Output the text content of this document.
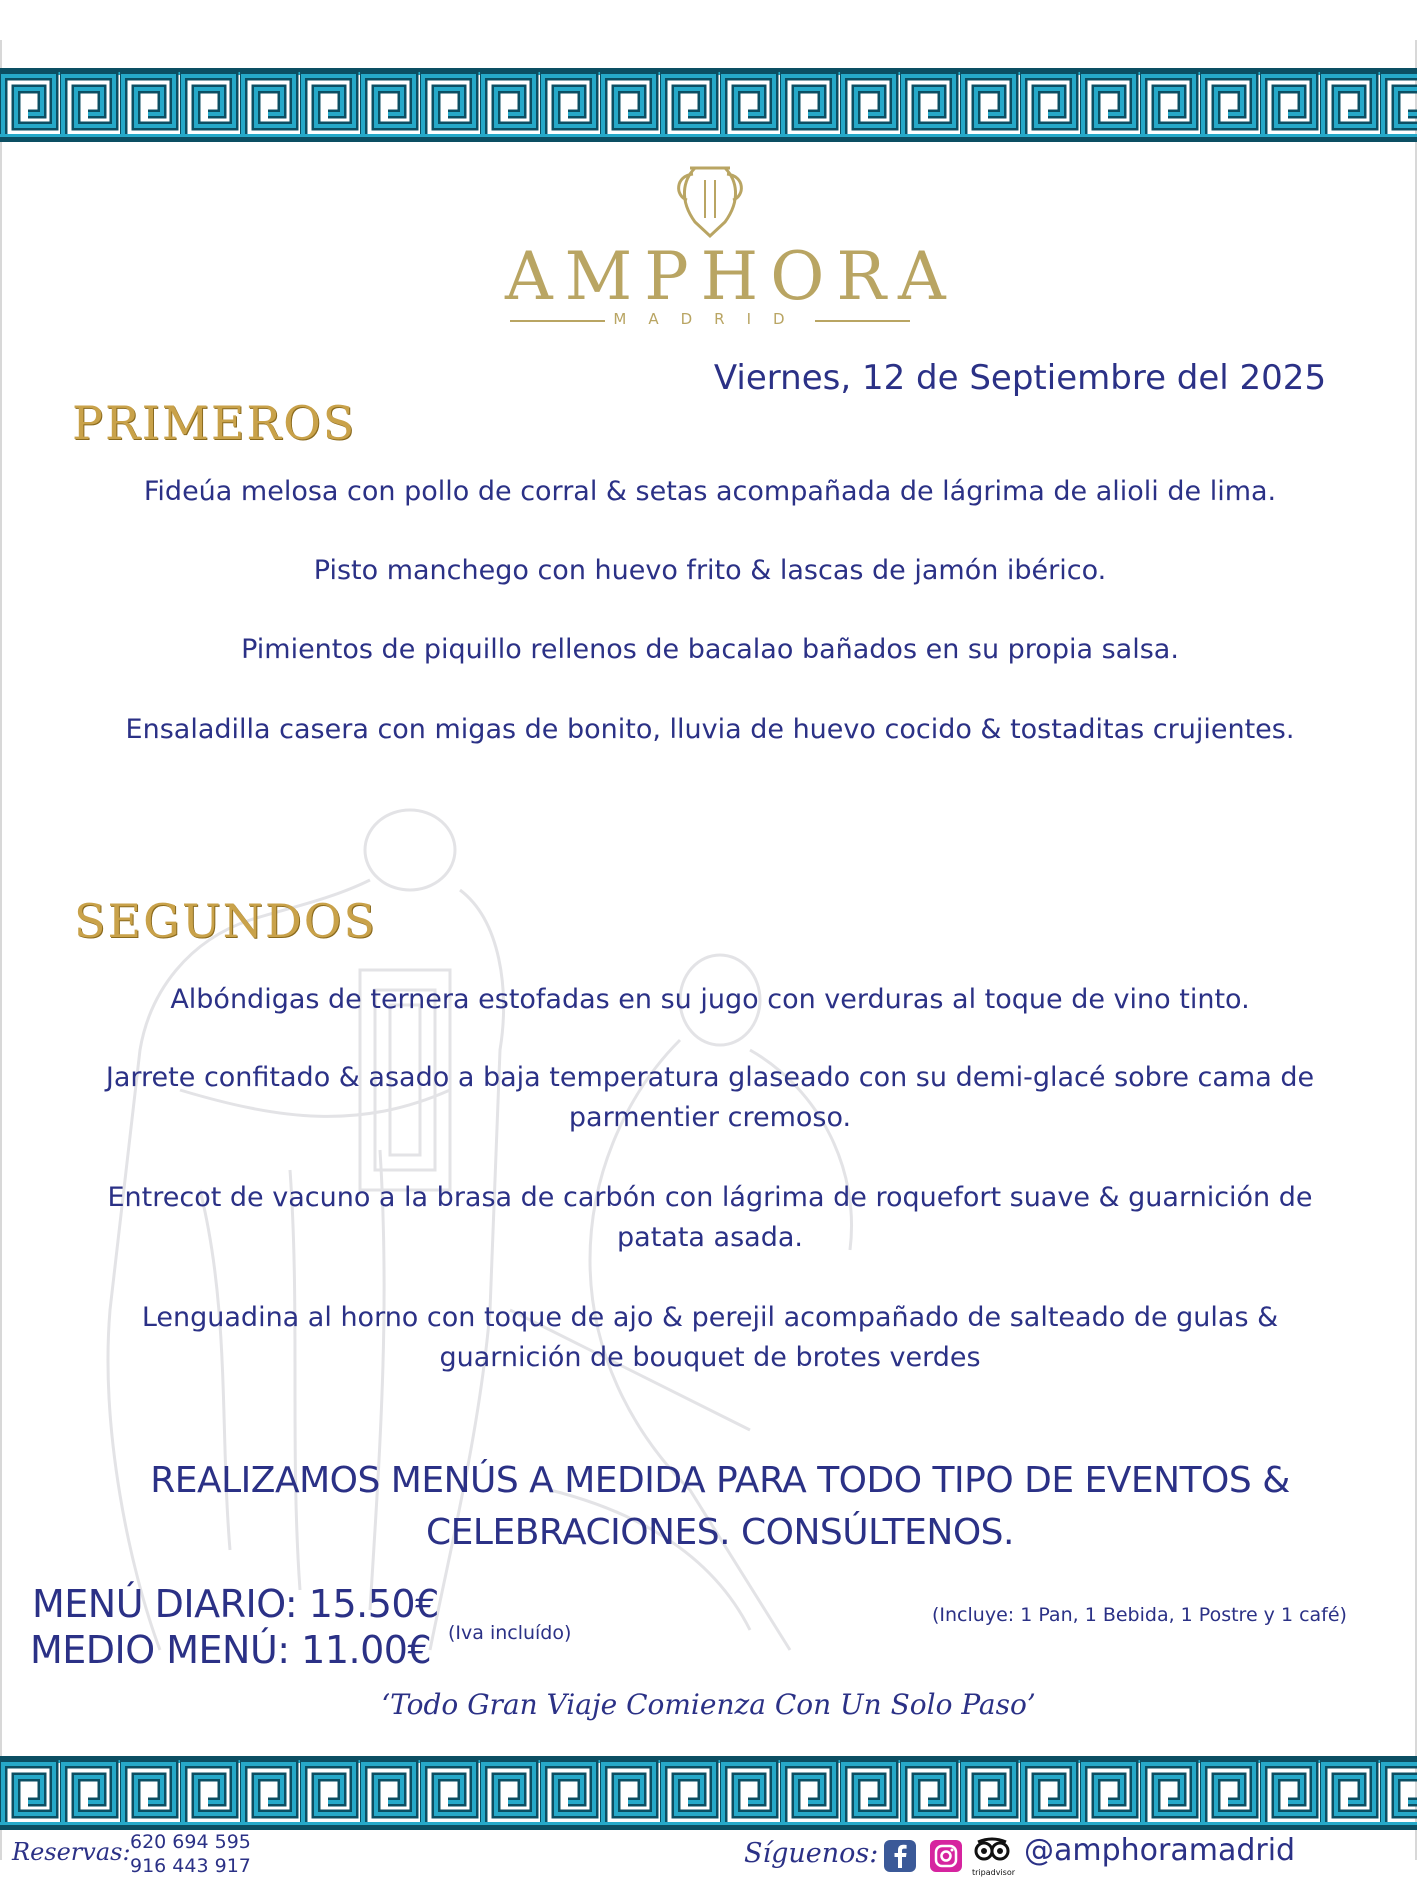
AMPHORA
MADRID
Viernes, 12 de Septiembre del 2025
PRIMEROS
Fideúa melosa con pollo de corral & setas acompañada de lágrima de alioli de lima.
Pisto manchego con huevo frito & lascas de jamón ibérico.
Pimientos de piquillo rellenos de bacalao bañados en su propia salsa.
Ensaladilla casera con migas de bonito, lluvia de huevo cocido & tostaditas crujientes.
SEGUNDOS
Albóndigas de ternera estofadas en su jugo con verduras al toque de vino tinto.
Jarrete confitado & asado a baja temperatura glaseado con su demi-glacé sobre cama de parmentier cremoso.
Entrecot de vacuno a la brasa de carbón con lágrima de roquefort suave & guarnición de patata asada.
Lenguadina al horno con toque de ajo & perejil acompañado de salteado de gulas & guarnición de bouquet de brotes verdes
REALIZAMOS MENÚS A MEDIDA PARA TODO TIPO DE EVENTOS & CELEBRACIONES. CONSÚLTENOS.
MENÚ DIARIO: 15.50€
MEDIO MENÚ: 11.00€ (Iva incluído)
(Incluye: 1 Pan, 1 Bebida, 1 Postre y 1 café)
‘Todo Gran Viaje Comienza Con Un Solo Paso’
Reservas: 620 694 595
916 443 917	Síguenos:
tripadvisor
@amphoramadrid
